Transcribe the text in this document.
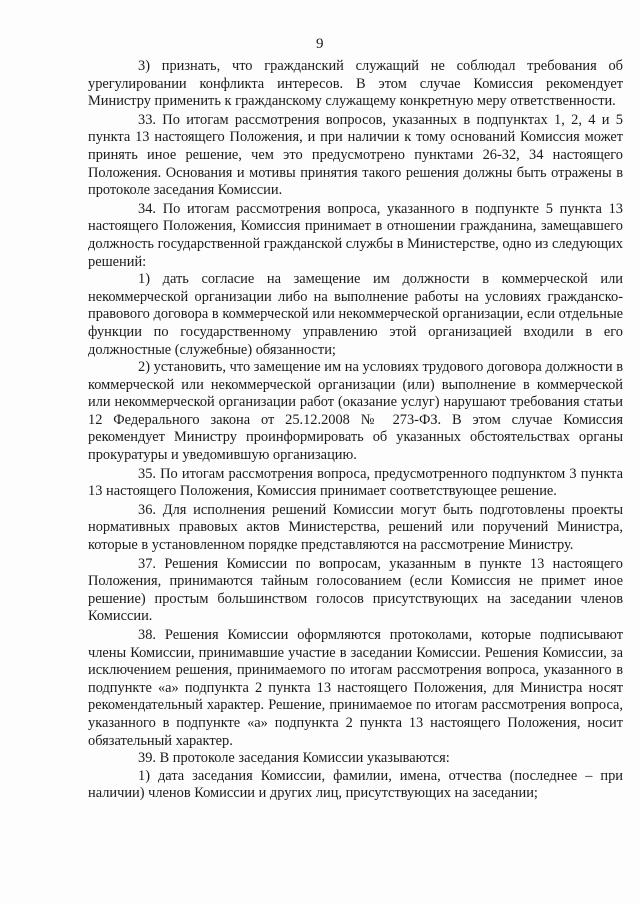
9

3) признать, что гражданский служащий не соблюдал требования об урегулировании конфликта интересов. В этом случае Комиссия рекомендует Министру применить к гражданскому служащему конкретную меру ответственности.

33. По итогам рассмотрения вопросов, указанных в подпунктах 1, 2, 4 и 5 пункта 13 настоящего Положения, и при наличии к тому оснований Комиссия может принять иное решение, чем это предусмотрено пунктами 26-32, 34 настоящего Положения. Основания и мотивы принятия такого решения должны быть отражены в протоколе заседания Комиссии.

34. По итогам рассмотрения вопроса, указанного в подпункте 5 пункта 13 настоящего Положения, Комиссия принимает в отношении гражданина, замещавшего должность государственной гражданской службы в Министерстве, одно из следующих решений:

1) дать согласие на замещение им должности в коммерческой или некоммерческой организации либо на выполнение работы на условиях гражданско-правового договора в коммерческой или некоммерческой организации, если отдельные функции по государственному управлению этой организацией входили в его должностные (служебные) обязанности;

2) установить, что замещение им на условиях трудового договора должности в коммерческой или некоммерческой организации (или) выполнение в коммерческой или некоммерческой организации работ (оказание услуг) нарушают требования статьи 12 Федерального закона от 25.12.2008 № 273-ФЗ. В этом случае Комиссия рекомендует Министру проинформировать об указанных обстоятельствах органы прокуратуры и уведомившую организацию.

35. По итогам рассмотрения вопроса, предусмотренного подпунктом 3 пункта 13 настоящего Положения, Комиссия принимает соответствующее решение.

36. Для исполнения решений Комиссии могут быть подготовлены проекты нормативных правовых актов Министерства, решений или поручений Министра, которые в установленном порядке представляются на рассмотрение Министру.

37. Решения Комиссии по вопросам, указанным в пункте 13 настоящего Положения, принимаются тайным голосованием (если Комиссия не примет иное решение) простым большинством голосов присутствующих на заседании членов Комиссии.

38. Решения Комиссии оформляются протоколами, которые подписывают члены Комиссии, принимавшие участие в заседании Комиссии. Решения Комиссии, за исключением решения, принимаемого по итогам рассмотрения вопроса, указанного в подпункте «а» подпункта 2 пункта 13 настоящего Положения, для Министра носят рекомендательный характер. Решение, принимаемое по итогам рассмотрения вопроса, указанного в подпункте «а» подпункта 2 пункта 13 настоящего Положения, носит обязательный характер.

39. В протоколе заседания Комиссии указываются:

1) дата заседания Комиссии, фамилии, имена, отчества (последнее – при наличии) членов Комиссии и других лиц, присутствующих на заседании;
